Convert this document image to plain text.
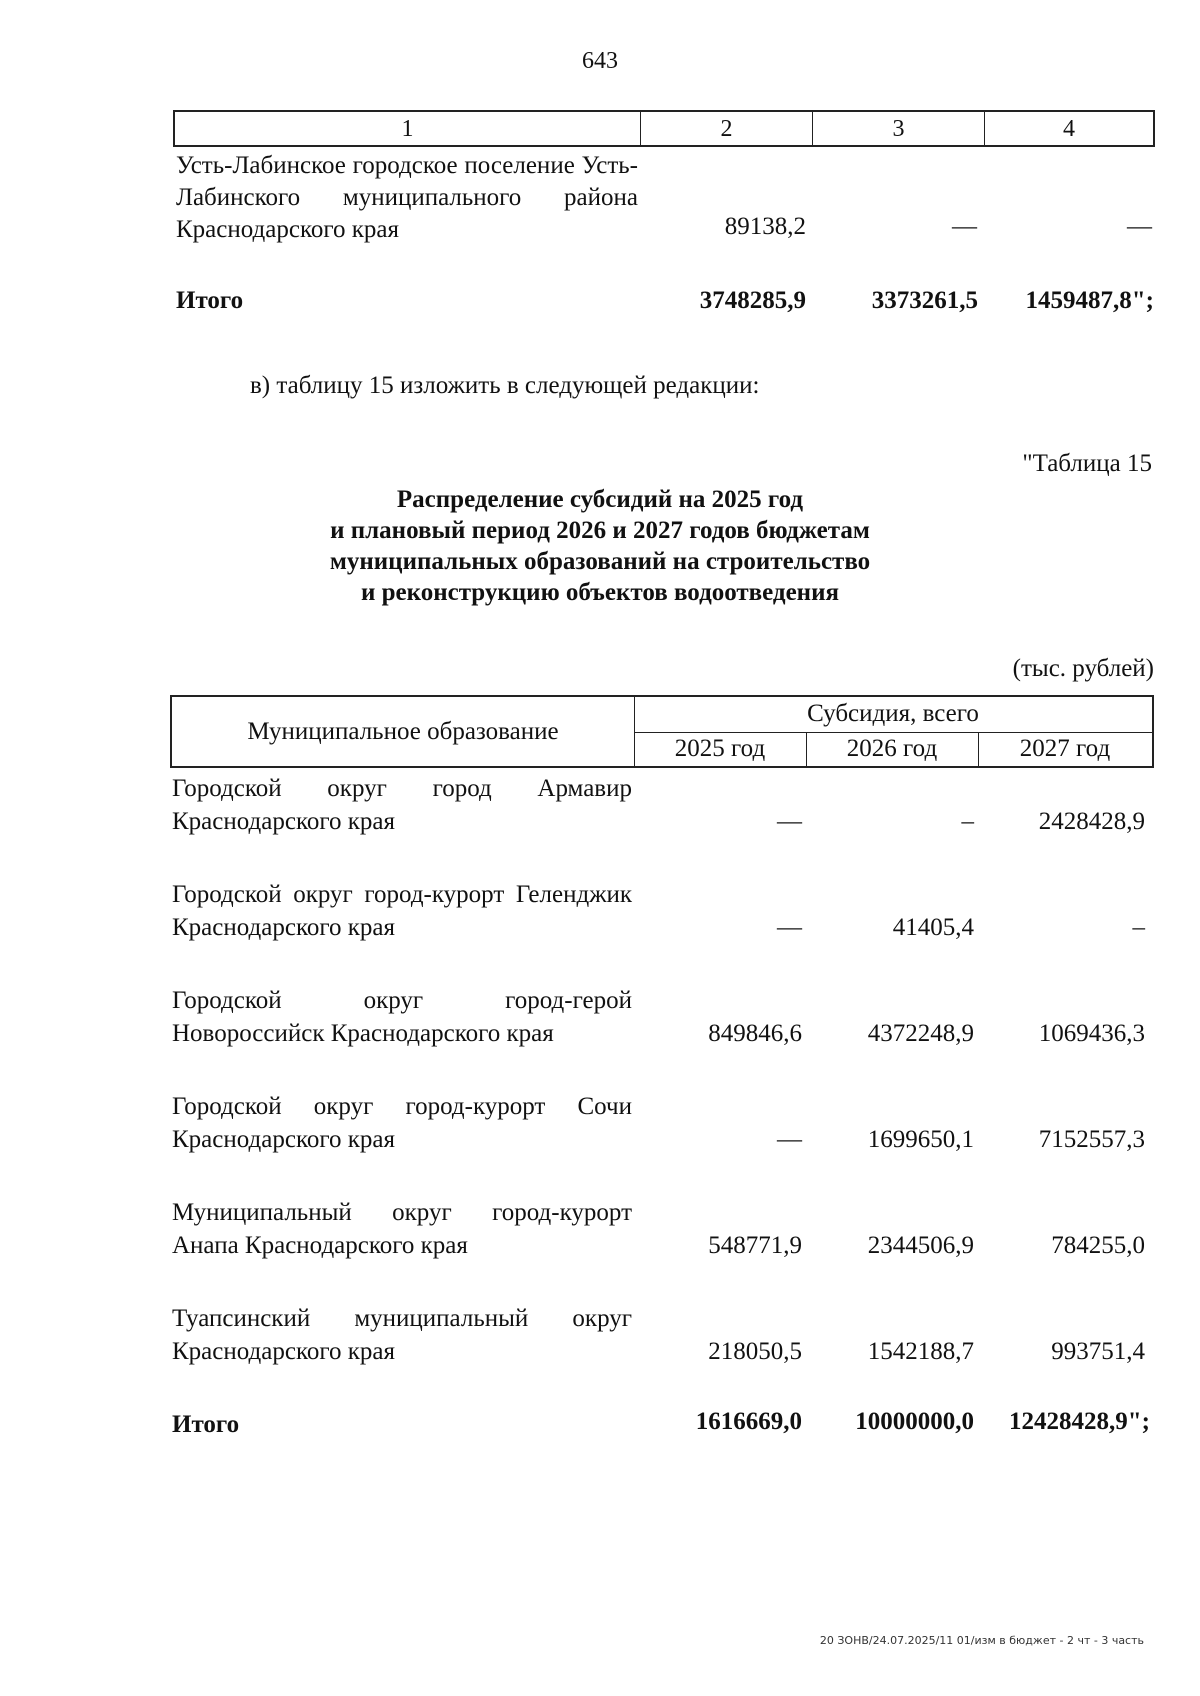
643
1	2	3	4
Усть-Лабинское городское поселение Усть-Лабинского муниципального района Краснодарского края	89138,2	—	—
Итого	3748285,9	3373261,5	1459487,8";
в) таблицу 15 изложить в следующей редакции:
"Таблица 15
Распределение субсидий на 2025 год
и плановый период 2026 и 2027 годов бюджетам
муниципальных образований на строительство
и реконструкцию объектов водоотведения
(тыс. рублей)
Муниципальное образование
Субсидия, всего
2025 год	2026 год	2027 год
Городской округ город Армавир Краснодарского края	—	–	2428428,9
Городской округ город-курорт Геленджик Краснодарского края	—	41405,4	–
Городской округ город-герой Новороссийск Краснодарского края	849846,6	4372248,9	1069436,3
Городской округ город-курорт Сочи Краснодарского края	—	1699650,1	7152557,3
Муниципальный округ город-курорт Анапа Краснодарского края	548771,9	2344506,9	784255,0
Туапсинский муниципальный округ Краснодарского края	218050,5	1542188,7	993751,4
Итого	1616669,0	10000000,0	12428428,9";
20 ЗОНВ/24.07.2025/11 01/изм в бюджет - 2 чт - 3 часть
